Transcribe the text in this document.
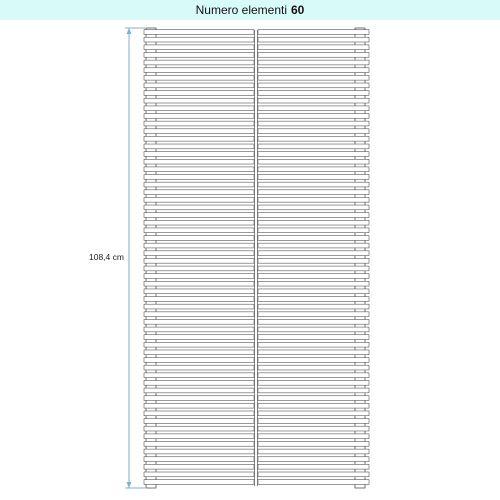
Numero elementi 60
108,4 cm
